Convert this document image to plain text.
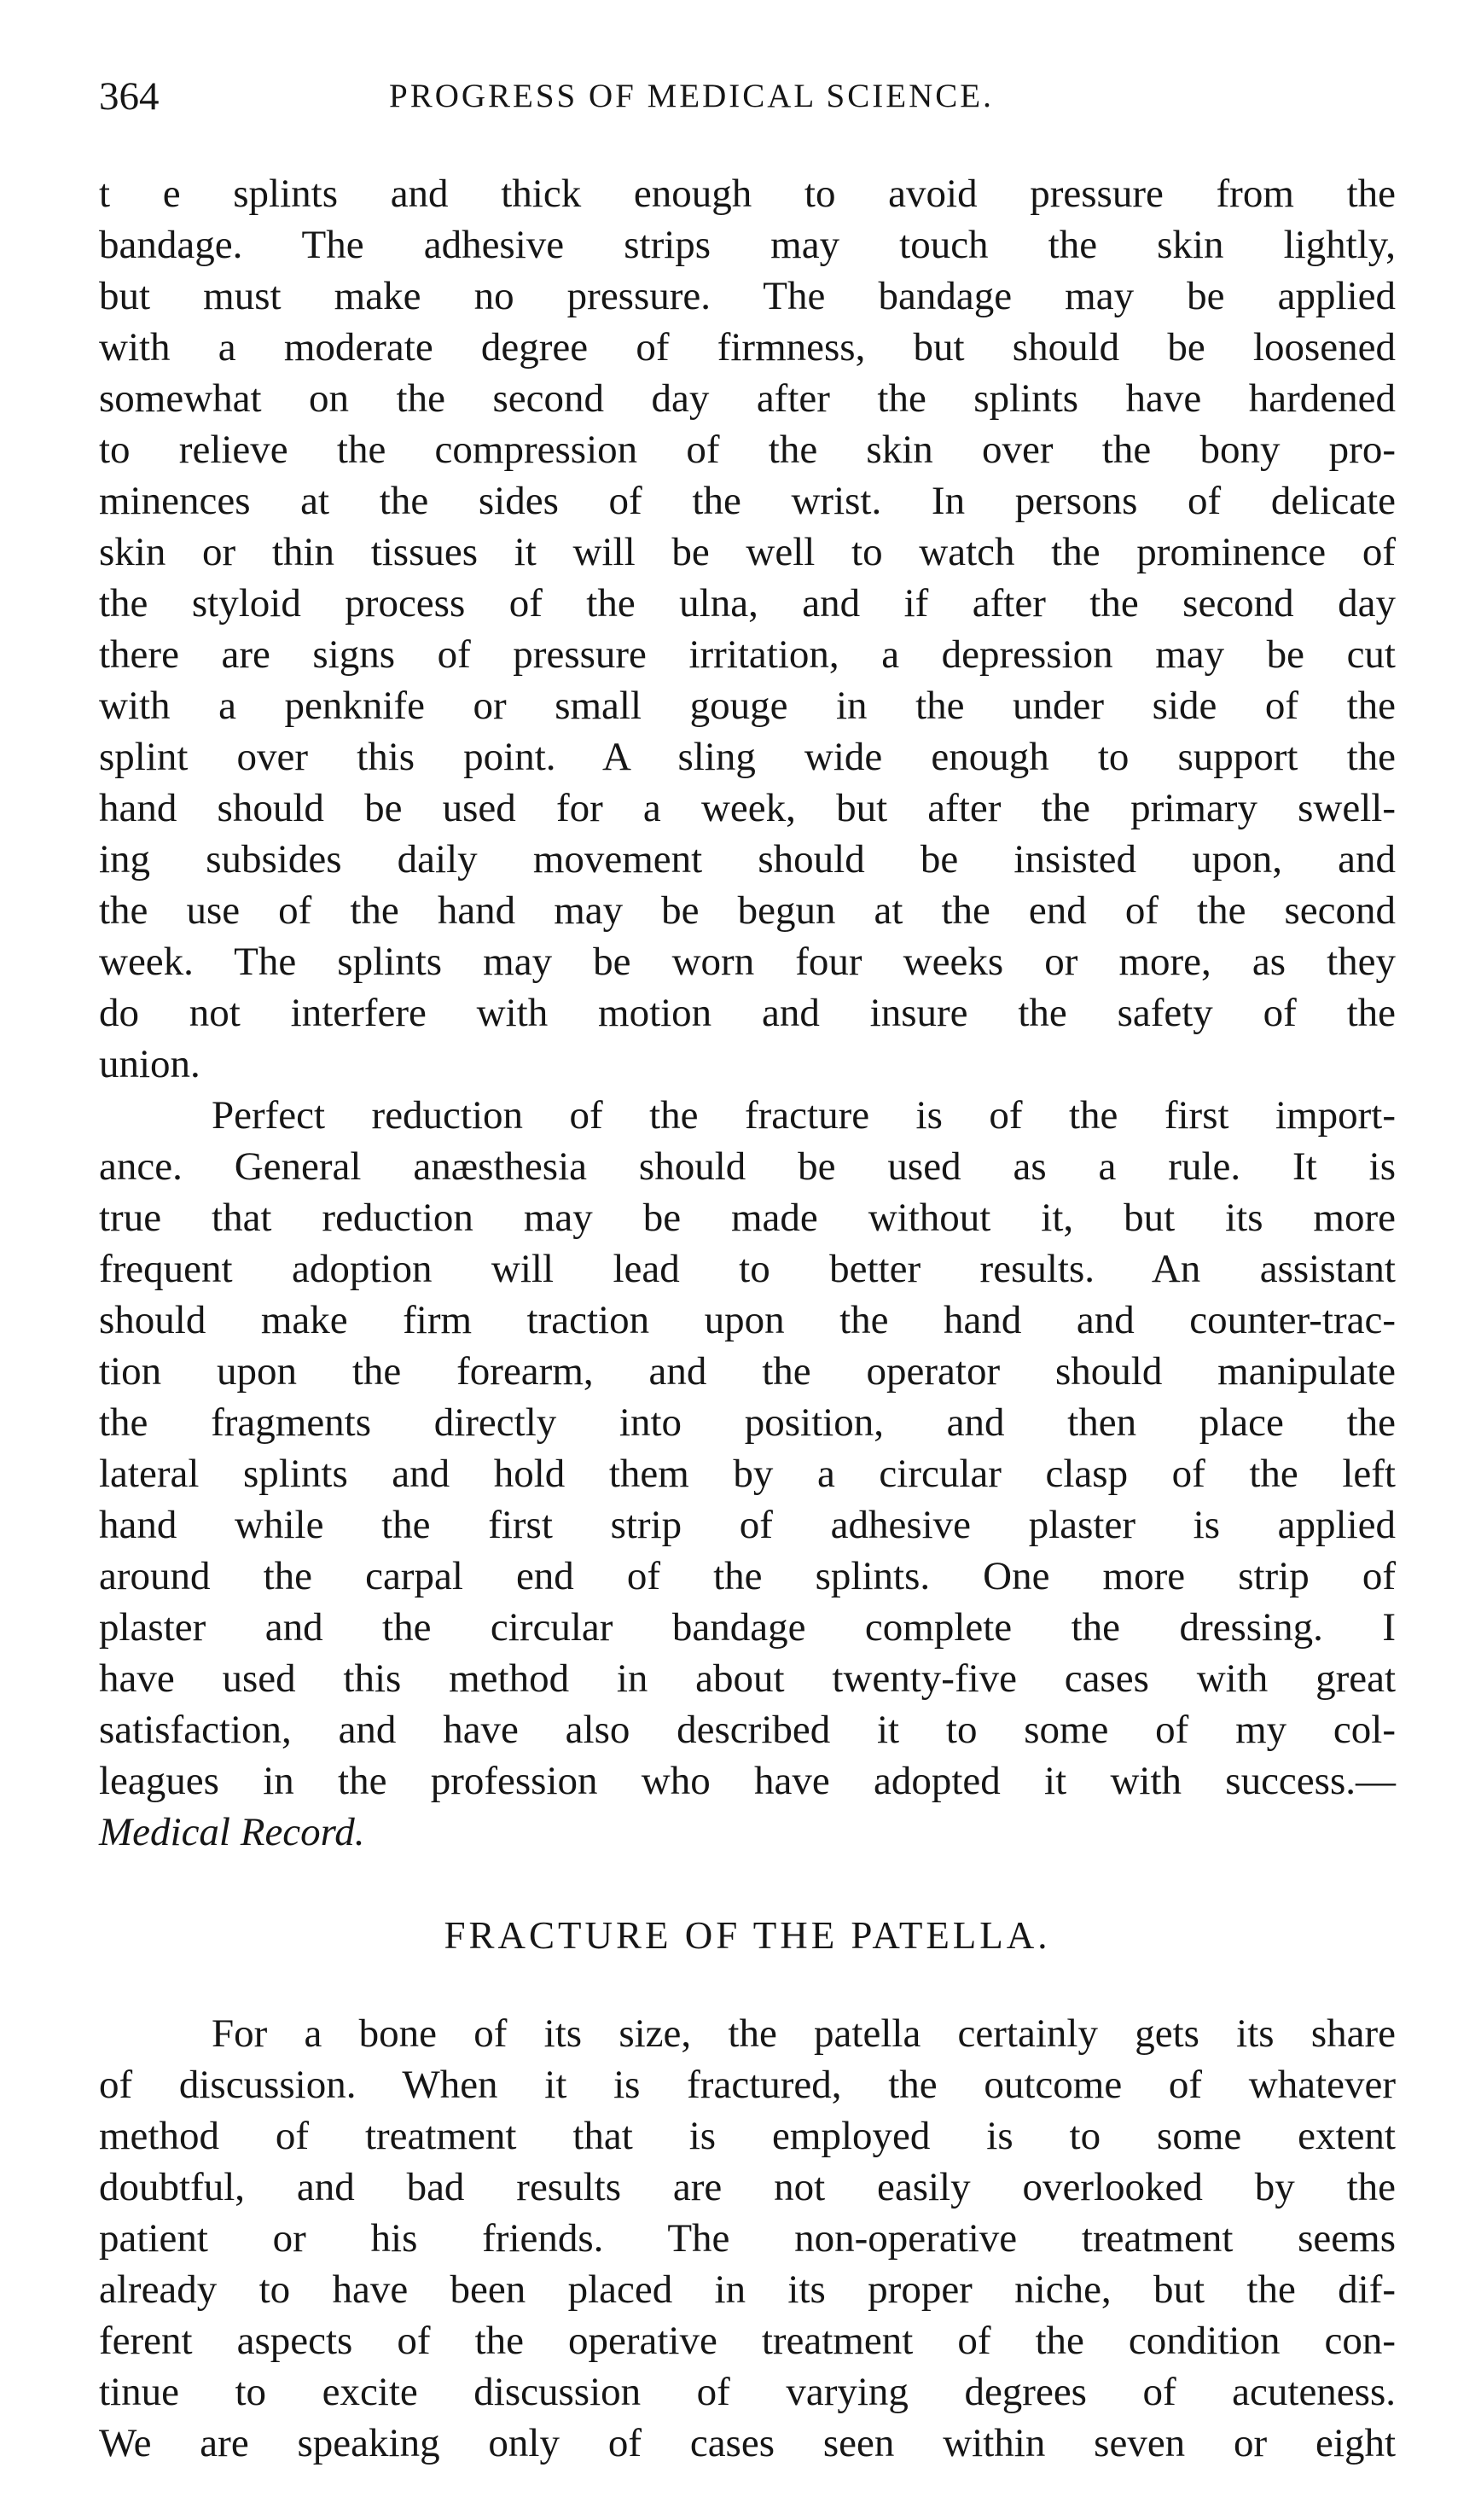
364	PROGRESS OF MEDICAL SCIENCE.
t e splints and thick enough to avoid pressure from the
bandage. The adhesive strips may touch the skin lightly,
but must make no pressure. The bandage may be applied
with a moderate degree of firmness, but should be loosened
somewhat on the second day after the splints have hardened
to relieve the compression of the skin over the bony pro-
minences at the sides of the wrist. In persons of delicate
skin or thin tissues it will be well to watch the prominence of
the styloid process of the ulna, and if after the second day
there are signs of pressure irritation, a depression may be cut
with a penknife or small gouge in the under side of the
splint over this point. A sling wide enough to support the
hand should be used for a week, but after the primary swell-
ing subsides daily movement should be insisted upon, and
the use of the hand may be begun at the end of the second
week. The splints may be worn four weeks or more, as they
do not interfere with motion and insure the safety of the
union.
Perfect reduction of the fracture is of the first import-
ance. General anæsthesia should be used as a rule. It is
true that reduction may be made without it, but its more
frequent adoption will lead to better results. An assistant
should make firm traction upon the hand and counter-trac-
tion upon the forearm, and the operator should manipulate
the fragments directly into position, and then place the
lateral splints and hold them by a circular clasp of the left
hand while the first strip of adhesive plaster is applied
around the carpal end of the splints. One more strip of
plaster and the circular bandage complete the dressing. I
have used this method in about twenty-five cases with great
satisfaction, and have also described it to some of my col-
leagues in the profession who have adopted it with success.—
Medical Record.
FRACTURE OF THE PATELLA.
For a bone of its size, the patella certainly gets its share
of discussion. When it is fractured, the outcome of whatever
method of treatment that is employed is to some extent
doubtful, and bad results are not easily overlooked by the
patient or his friends. The non-operative treatment seems
already to have been placed in its proper niche, but the dif-
ferent aspects of the operative treatment of the condition con-
tinue to excite discussion of varying degrees of acuteness.
We are speaking only of cases seen within seven or eight
